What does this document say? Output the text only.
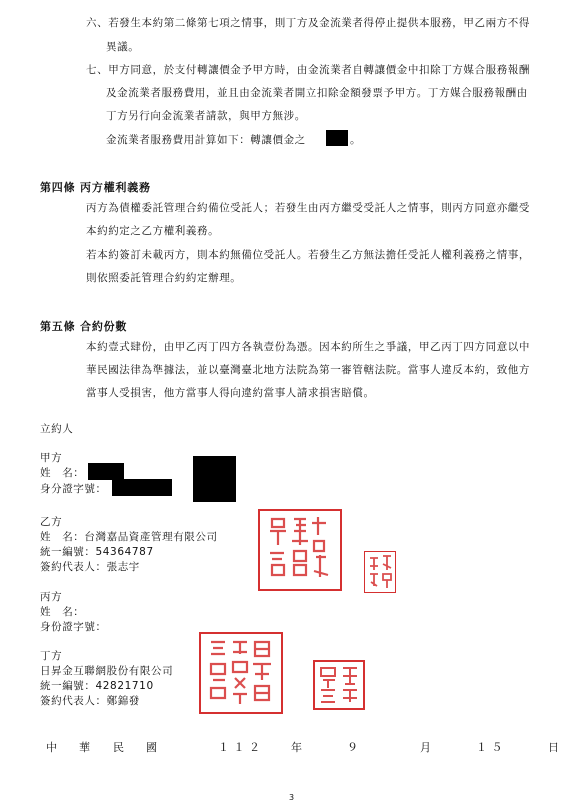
六、若發生本約第二條第七項之情事，則丁方及金流業者得停止提供本服務，甲乙兩方不得
異議。
七、甲方同意，於支付轉讓價金予甲方時，由金流業者自轉讓價金中扣除丁方媒合服務報酬
及金流業者服務費用，並且由金流業者開立扣除金額發票予甲方。丁方媒合服務報酬由
丁方另行向金流業者請款，與甲方無涉。
金流業者服務費用計算如下：轉讓價金之	。
第四條 丙方權利義務
丙方為債權委託管理合約備位受託人；若發生由丙方繼受受託人之情事，則丙方同意亦繼受
本約約定之乙方權利義務。
若本約簽訂未載丙方，則本約無備位受託人。若發生乙方無法擔任受託人權利義務之情事，
則依照委託管理合約約定辦理。
第五條 合約份數
本約壹式肆份，由甲乙丙丁四方各執壹份為憑。因本約所生之爭議，甲乙丙丁四方同意以中
華民國法律為準據法，並以臺灣臺北地方法院為第一審管轄法院。當事人違反本約，致他方
當事人受損害，他方當事人得向違約當事人請求損害賠償。
立約人
甲方
姓　名：
身分證字號：
乙方
姓　名：台灣嘉品資產管理有限公司
統一編號：54364787
簽約代表人：張志宇
丙方
姓　名：
身份證字號：
丁方
日昇金互聯網股份有限公司
統一編號：42821710
簽約代表人：鄭錦發
中 華 民 國	１ １ ２	年	９	月	１ ５	日
3
